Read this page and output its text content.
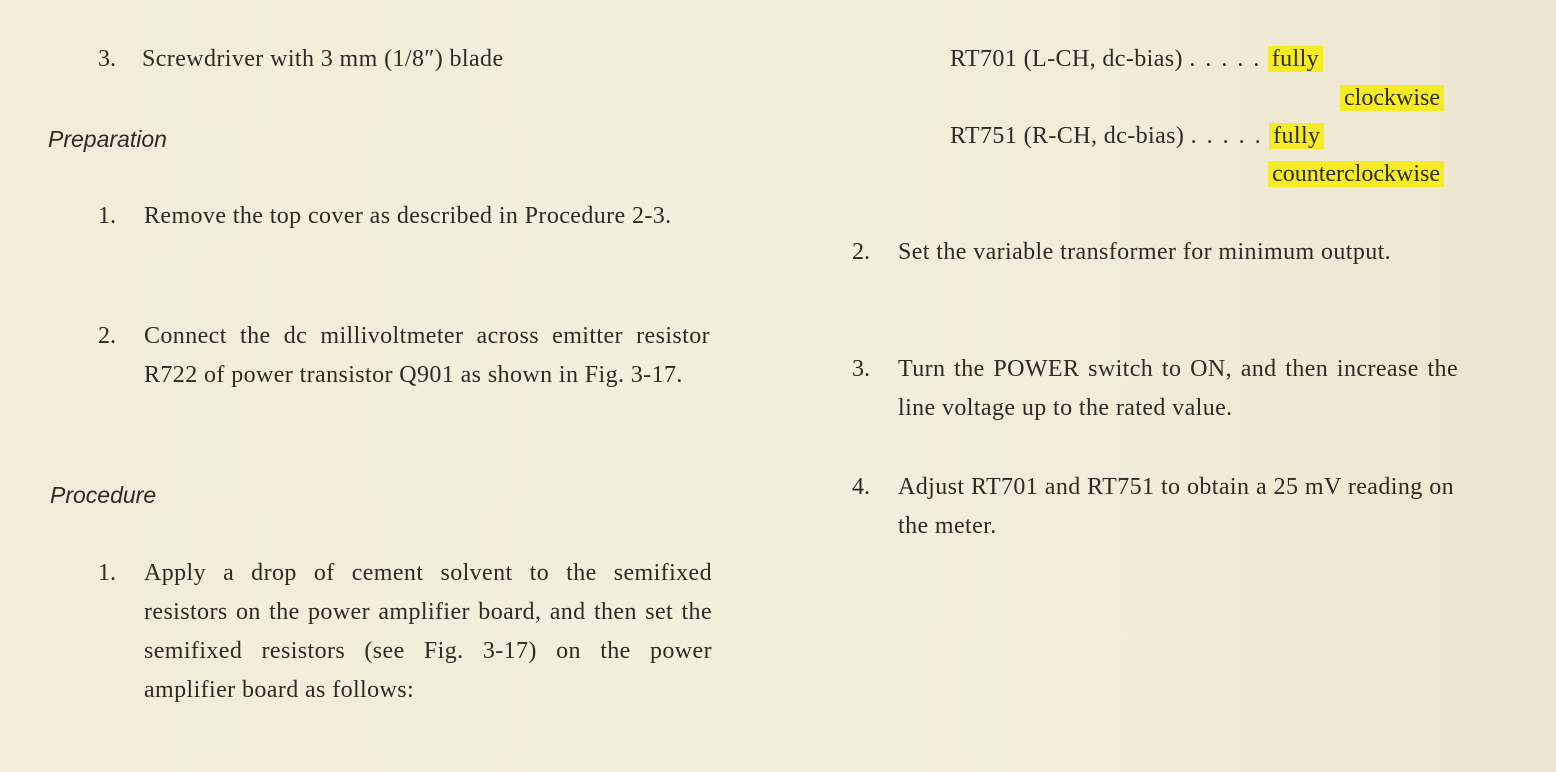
3. Screwdriver with 3 mm (1/8″) blade
Preparation
1. Remove the top cover as described in Procedure 2-3.
2. Connect the dc millivoltmeter across emitter resistor R722 of power transistor Q901 as shown in Fig. 3-17.
Procedure
1. Apply a drop of cement solvent to the semifixed resistors on the power amplifier board, and then set the semifixed resistors (see Fig. 3-17) on the power amplifier board as follows:
RT701 (L-CH, dc-bias) . . . . . fully
clockwise
RT751 (R-CH, dc-bias) . . . . . fully
counterclockwise
2. Set the variable transformer for minimum output.
3. Turn the POWER switch to ON, and then increase the line voltage up to the rated value.
4. Adjust RT701 and RT751 to obtain a 25 mV reading on the meter.
